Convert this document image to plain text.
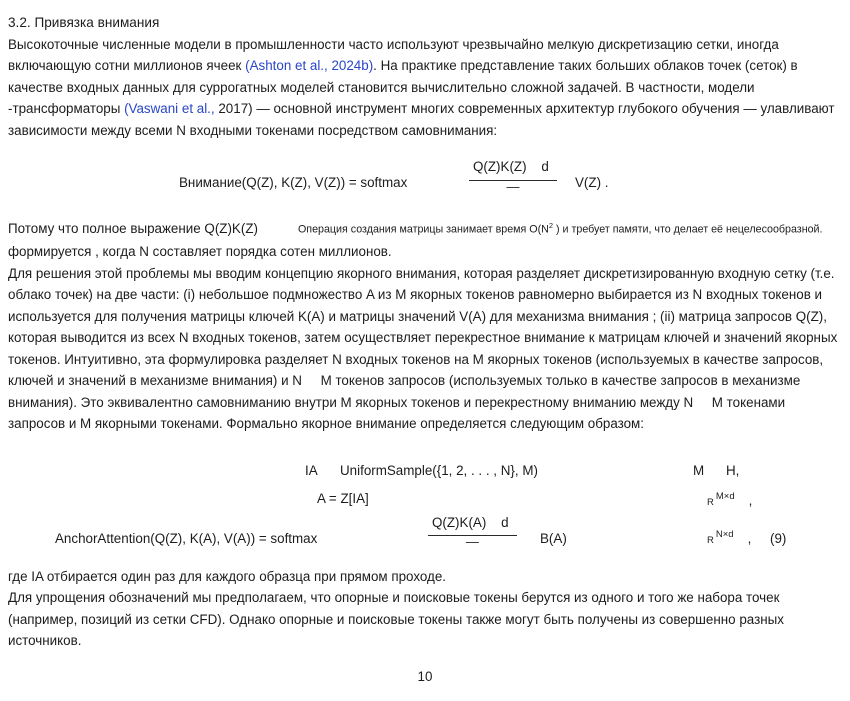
3.2. Привязка внимания

Высокоточные численные модели в промышленности часто используют чрезвычайно мелкую дискретизацию сетки, иногда включающую сотни миллионов ячеек (Ashton et al., 2024b). На практике представление таких больших облаков точек (сеток) в качестве входных данных для суррогатных моделей становится вычислительно сложной задачей. В частности, модели -трансформаторы (Vaswani et al., 2017) — основной инструмент многих современных архитектур глубокого обучения — улавливают зависимости между всеми N входными токенами посредством самовнимания:

Внимание(Q(Z), K(Z), V(Z)) = softmax
Q(Z)K(Z)    d
—	V(Z) .
Потому что полное выражение Q(Z)K(Z)	Операция создания матрицы занимает время $O(N^2$ ) и требует памяти, что делает её нецелесообразной.
формируется , когда N составляет порядка сотен миллионов.

Для решения этой проблемы мы вводим концепцию якорного внимания, которая разделяет дискретизированную входную сетку (т.е. облако точек) на две части: (i) небольшое подмножество A из M якорных токенов равномерно выбирается из N входных токенов и используется для получения матрицы ключей K(A) и матрицы значений V(A) для механизма внимания ; (ii) матрица запросов Q(Z), которая выводится из всех N входных токенов, затем осуществляет перекрестное внимание к матрицам ключей и значений якорных токенов. Интуитивно, эта формулировка разделяет N входных токенов на M якорных токенов (используемых в качестве запросов, ключей и значений в механизме внимания) и N     M токенов запросов (используемых только в качестве запросов в механизме внимания). Это эквивалентно самовниманию внутри M якорных токенов и перекрестному вниманию между N     M токенами запросов и M якорными токенами. Формально якорное внимание определяется следующим образом:

IA UniformSample({1, 2, . . . , N}, M)	M H,
A = Z[IA]	$R^{M\times d}$ ,
AnchorAttention(Q(Z), K(A), V(A)) = softmax
Q(Z)K(A)    d
—	B(A)	$R^{N\times d}$ , (9)

где IA отбирается один раз для каждого образца при прямом проходе.

Для упрощения обозначений мы предполагаем, что опорные и поисковые токены берутся из одного и того же набора точек (например, позиций из сетки CFD). Однако опорные и поисковые токены также могут быть получены из совершенно разных источников.

10
